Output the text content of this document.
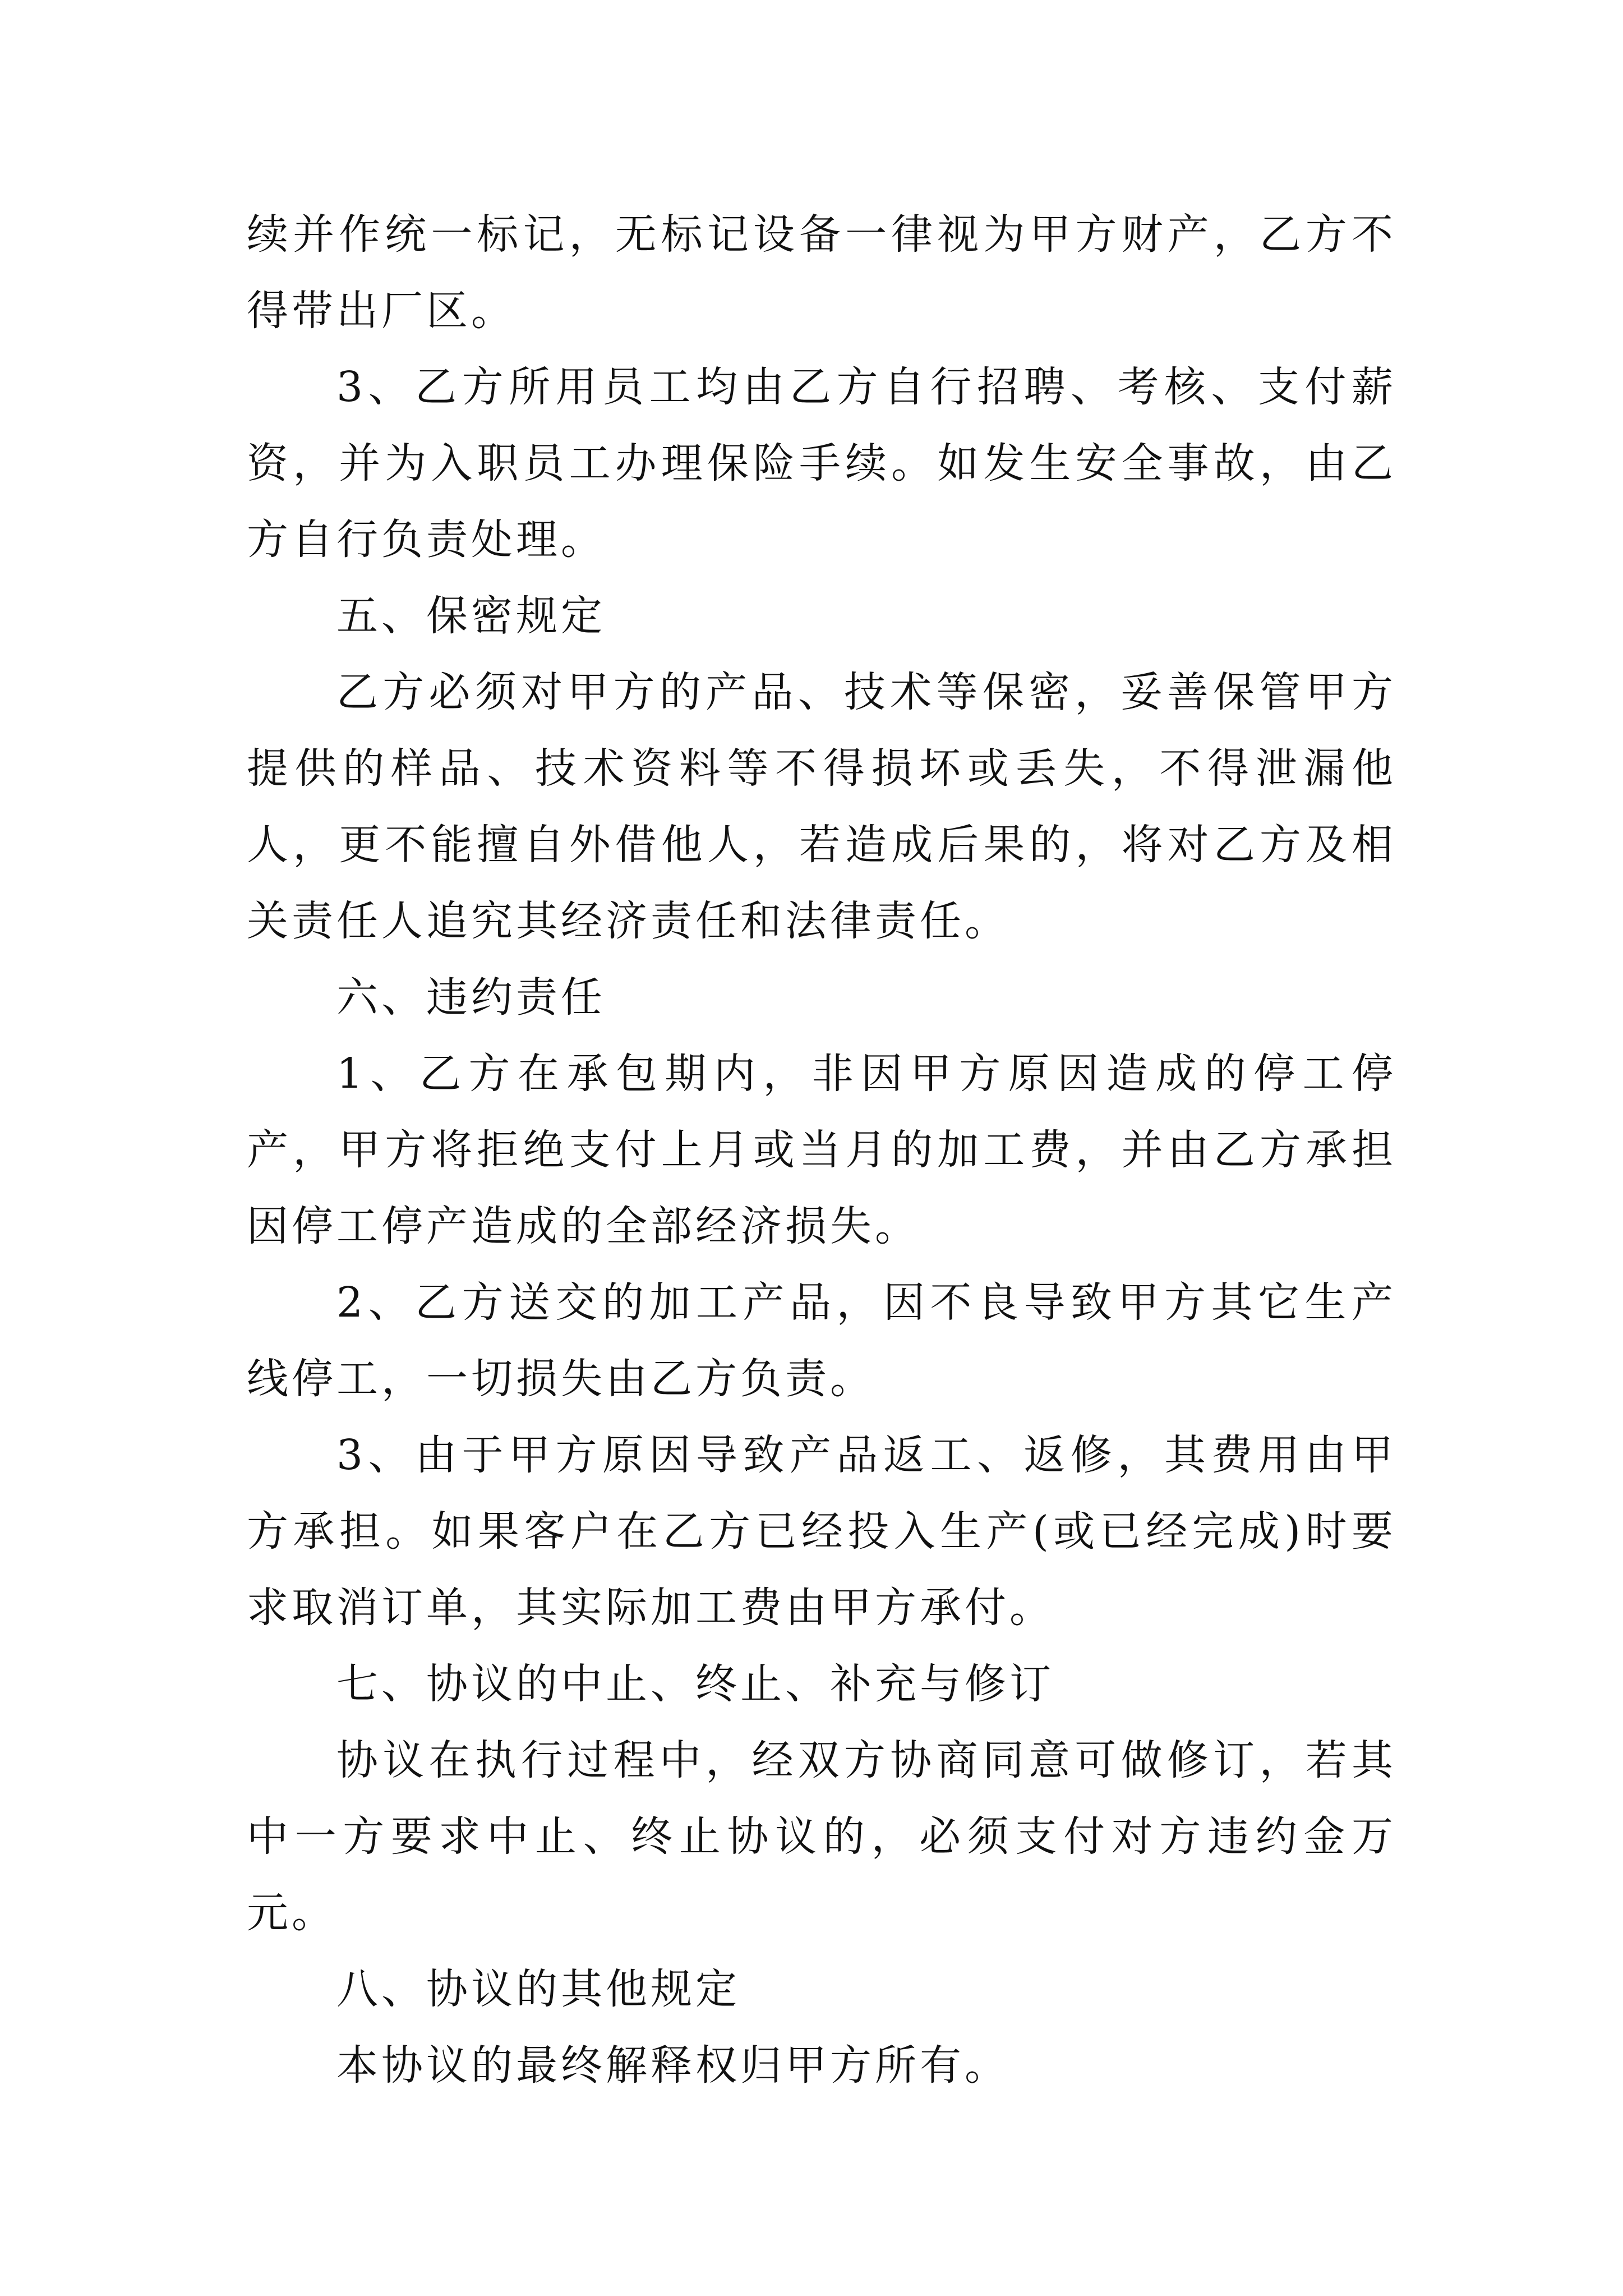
续并作统一标记，无标记设备一律视为甲方财产，乙方不得带出厂区。

3、乙方所用员工均由乙方自行招聘、考核、支付薪资，并为入职员工办理保险手续。如发生安全事故，由乙方自行负责处理。

五、保密规定

乙方必须对甲方的产品、技术等保密，妥善保管甲方提供的样品、技术资料等不得损坏或丢失，不得泄漏他人，更不能擅自外借他人，若造成后果的，将对乙方及相关责任人追究其经济责任和法律责任。

六、违约责任

1、乙方在承包期内，非因甲方原因造成的停工停产，甲方将拒绝支付上月或当月的加工费，并由乙方承担因停工停产造成的全部经济损失。

2、乙方送交的加工产品，因不良导致甲方其它生产线停工，一切损失由乙方负责。

3、由于甲方原因导致产品返工、返修，其费用由甲方承担。如果客户在乙方已经投入生产(或已经完成)时要求取消订单，其实际加工费由甲方承付。

七、协议的中止、终止、补充与修订

协议在执行过程中，经双方协商同意可做修订，若其中一方要求中止、终止协议的，必须支付对方违约金万元。

八、协议的其他规定

本协议的最终解释权归甲方所有。
